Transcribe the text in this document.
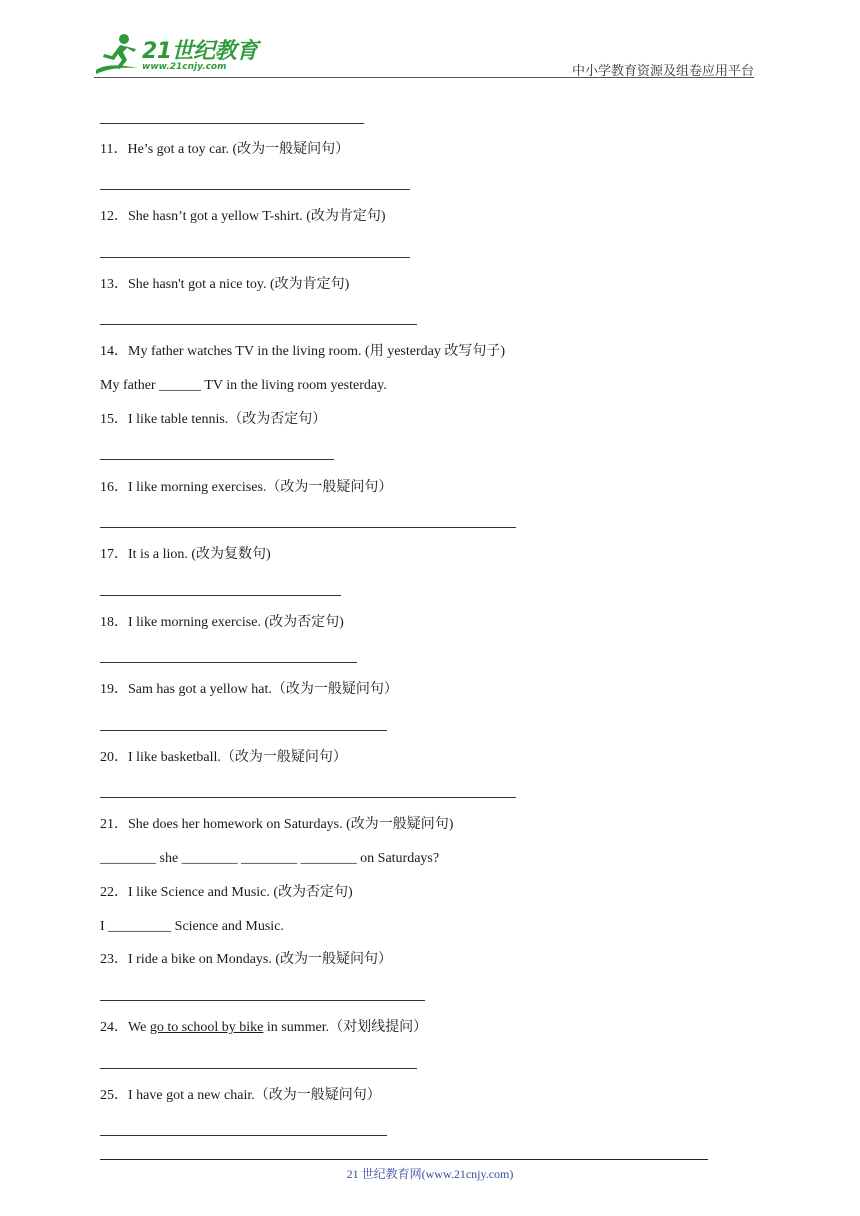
21世纪教育
www.21cnjy.com	中小学教育资源及组卷应用平台
11．He’s got a toy car. (改为一般疑问句）
12．She hasn’t got a yellow T-shirt. (改为肯定句)
13．She hasn't got a nice toy. (改为肯定句)
14．My father watches TV in the living room. (用 yesterday 改写句子)
My father ______ TV in the living room yesterday.
15．I like table tennis.（改为否定句）
16．I like morning exercises.（改为一般疑问句）
17．It is a lion. (改为复数句)
18．I like morning exercise. (改为否定句)
19．Sam has got a yellow hat.（改为一般疑问句）
20．I like basketball.（改为一般疑问句）
21．She does her homework on Saturdays. (改为一般疑问句)
________ she ________ ________ ________ on Saturdays?
22．I like Science and Music. (改为否定句)
I _________ Science and Music.
23．I ride a bike on Mondays. (改为一般疑问句）
24．We go to school by bike in summer.（对划线提问）
25．I have got a new chair.（改为一般疑问句）
21 世纪教育网(www.21cnjy.com)
